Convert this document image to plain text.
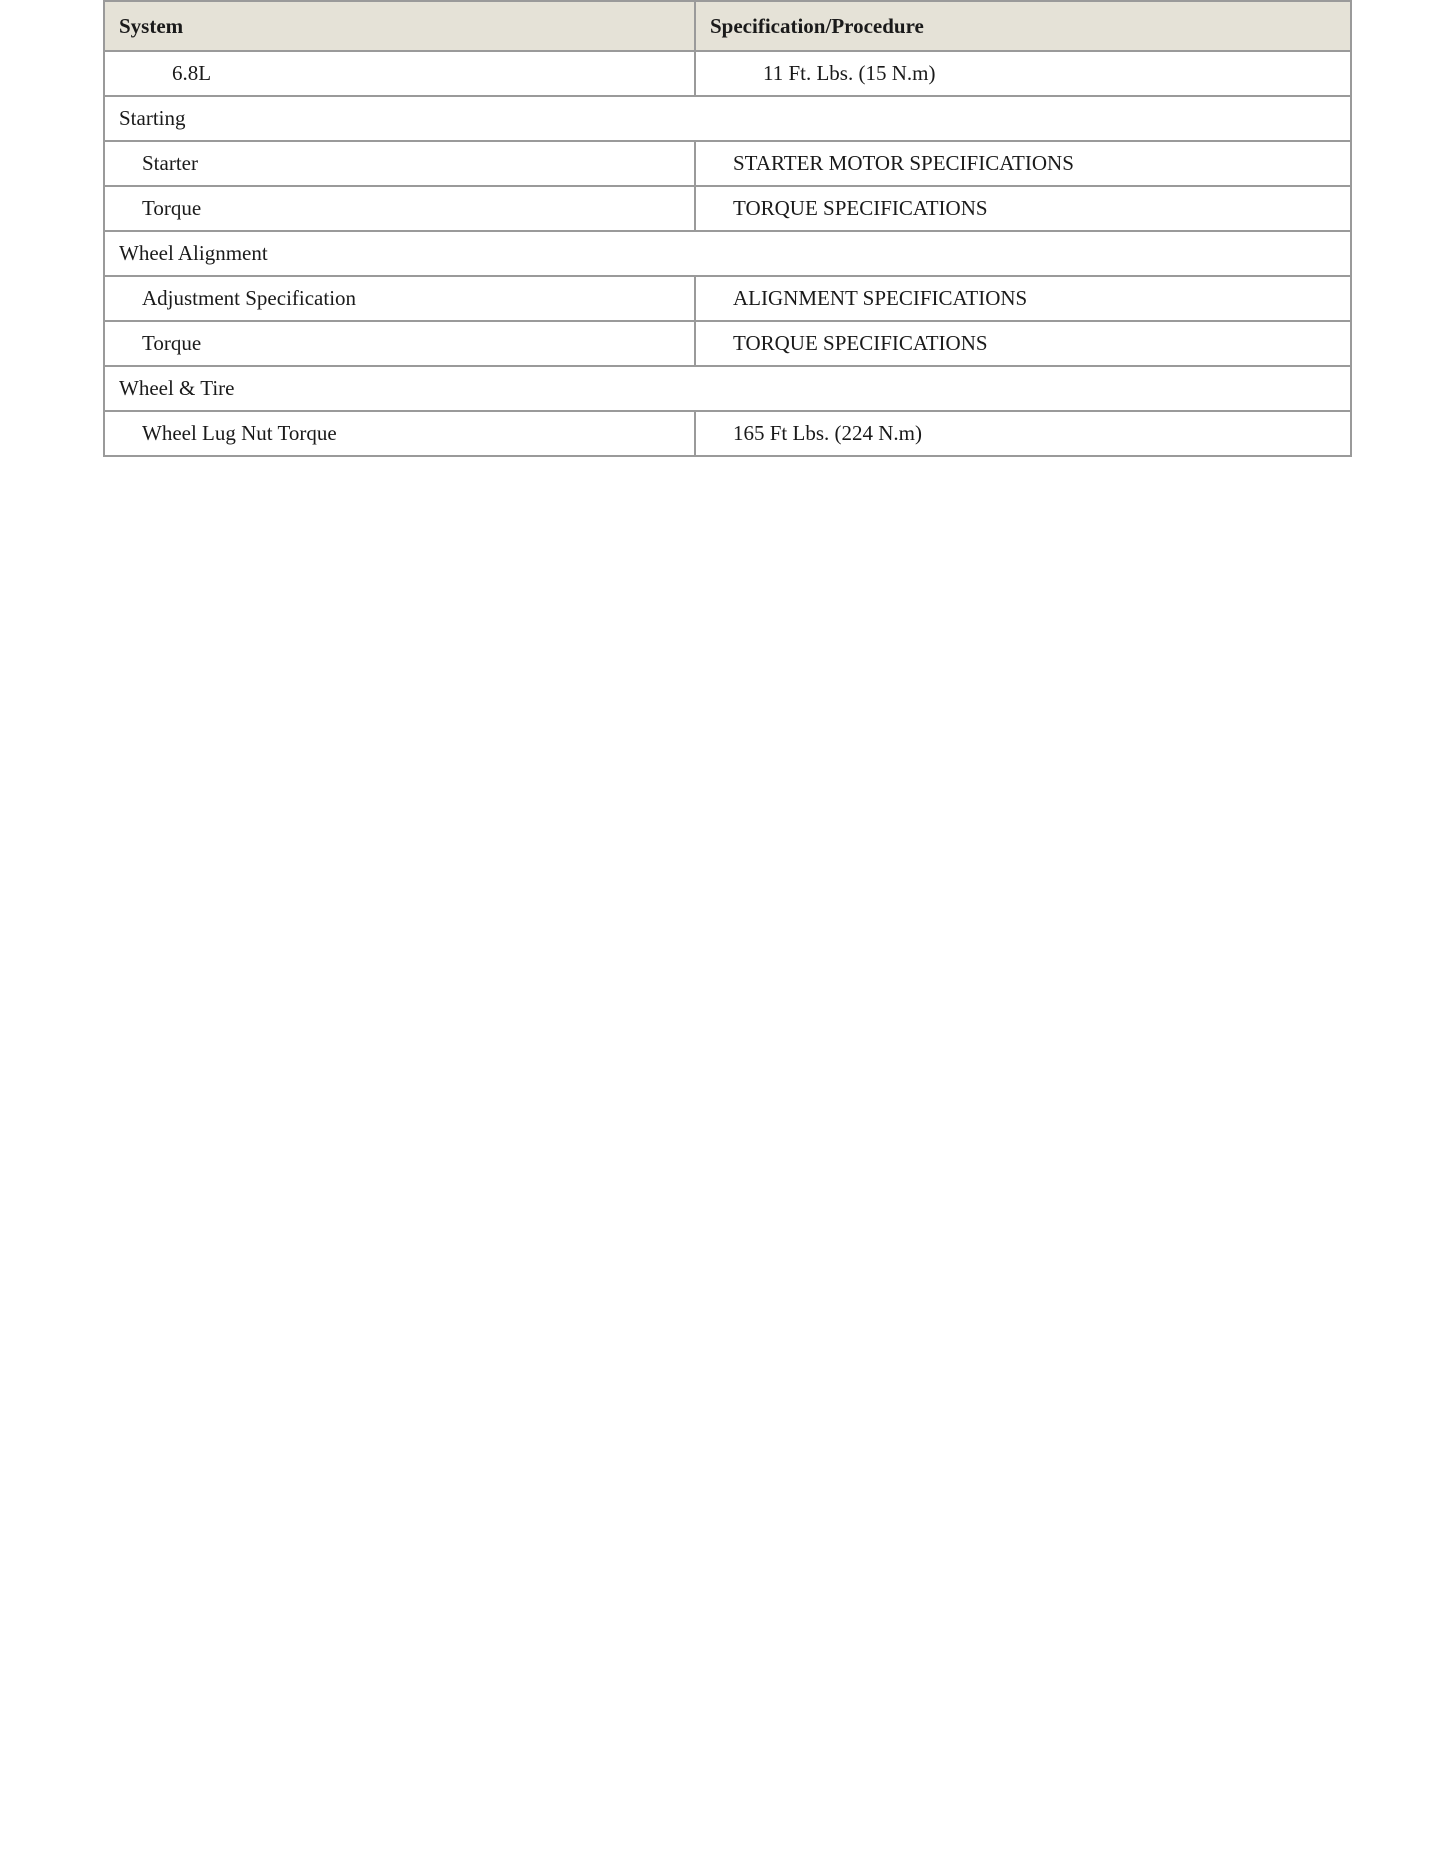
System	Specification/Procedure
6.8L	11 Ft. Lbs. (15 N.m)
Starting	
Starter	STARTER MOTOR SPECIFICATIONS
Torque	TORQUE SPECIFICATIONS
Wheel Alignment	
Adjustment Specification	ALIGNMENT SPECIFICATIONS
Torque	TORQUE SPECIFICATIONS
Wheel & Tire	
Wheel Lug Nut Torque	165 Ft Lbs. (224 N.m)
